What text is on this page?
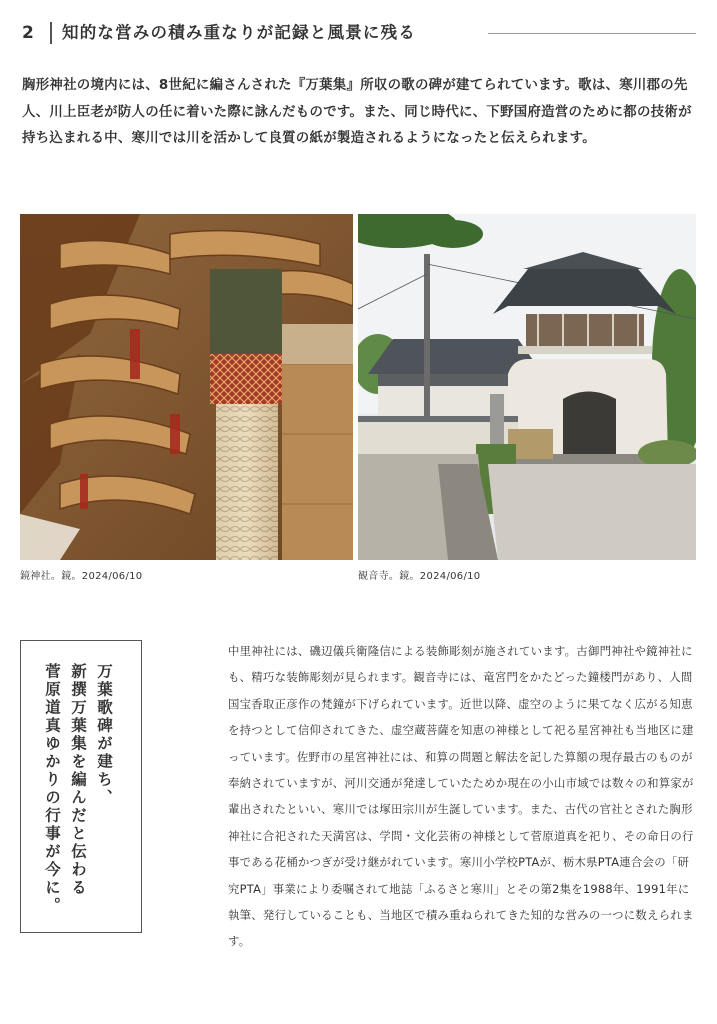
2 知的な営みの積み重なりが記録と風景に残る

胸形神社の境内には、8世紀に編さんされた『万葉集』所収の歌の碑が建てられています。歌は、寒川郡の先人、川上臣老が防人の任に着いた際に詠んだものです。また、同じ時代に、下野国府造営のために都の技術が持ち込まれる中、寒川では川を活かして良質の紙が製造されるようになったと伝えられます。

鏡神社。鏡。2024/06/10	観音寺。鏡。2024/06/10
万葉歌碑が建ち、
新撰万葉集を編んだと伝わる
菅原道真ゆかりの行事が今に。

中里神社には、磯辺儀兵衛隆信による装飾彫刻が施されています。古御門神社や鏡神社にも、精巧な装飾彫刻が見られます。観音寺には、竜宮門をかたどった鐘楼門があり、人間国宝香取正彦作の梵鐘が下げられています。近世以降、虚空のように果てなく広がる知恵を持つとして信仰されてきた、虚空蔵菩薩を知恵の神様として祀る星宮神社も当地区に建っています。佐野市の星宮神社には、和算の問題と解法を記した算額の現存最古のものが奉納されていますが、河川交通が発達していたためか現在の小山市域では数々の和算家が輩出されたといい、寒川では塚田宗川が生誕しています。また、古代の官社とされた胸形神社に合祀された天満宮は、学問・文化芸術の神様として菅原道真を祀り、その命日の行事である花桶かつぎが受け継がれています。寒川小学校PTAが、栃木県PTA連合会の「研究PTA」事業により委嘱されて地誌「ふるさと寒川」とその第2集を1988年、1991年に執筆、発行していることも、当地区で積み重ねられてきた知的な営みの一つに数えられます。
